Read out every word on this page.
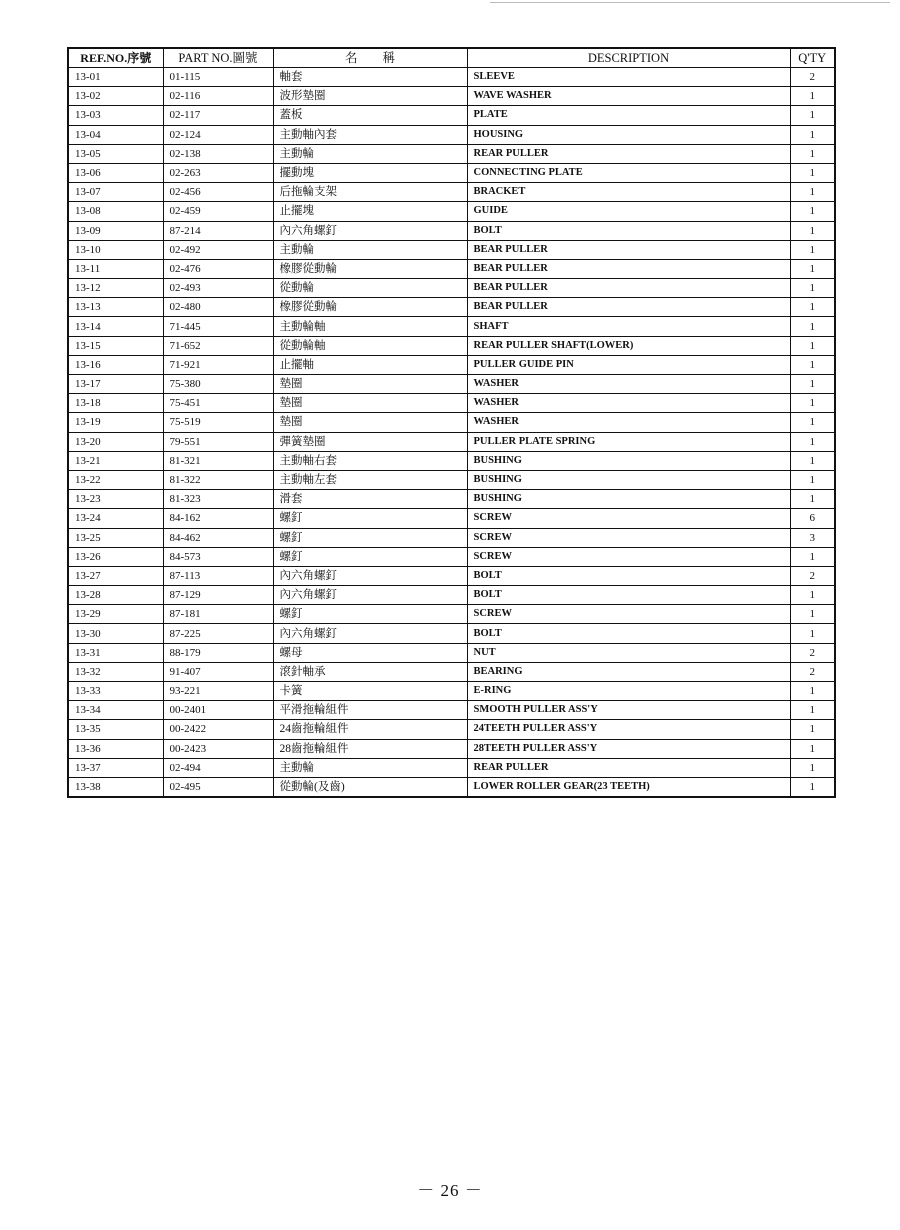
REF.NO.序號	PART NO.圖號	名　　稱	DESCRIPTION	Q'TY
13-01	01-115	軸套	SLEEVE	2
13-02	02-116	波形墊圈	WAVE WASHER	1
13-03	02-117	蓋板	PLATE	1
13-04	02-124	主動軸內套	HOUSING	1
13-05	02-138	主動輪	REAR PULLER	1
13-06	02-263	擺動塊	CONNECTING PLATE	1
13-07	02-456	后拖輪支架	BRACKET	1
13-08	02-459	止擺塊	GUIDE	1
13-09	87-214	內六角螺釘	BOLT	1
13-10	02-492	主動輪	BEAR PULLER	1
13-11	02-476	橡膠從動輪	BEAR PULLER	1
13-12	02-493	從動輪	BEAR PULLER	1
13-13	02-480	橡膠從動輪	BEAR PULLER	1
13-14	71-445	主動輪軸	SHAFT	1
13-15	71-652	從動輪軸	REAR PULLER SHAFT(LOWER)	1
13-16	71-921	止擺軸	PULLER GUIDE PIN	1
13-17	75-380	墊圈	WASHER	1
13-18	75-451	墊圈	WASHER	1
13-19	75-519	墊圈	WASHER	1
13-20	79-551	彈簧墊圈	PULLER PLATE SPRING	1
13-21	81-321	主動軸右套	BUSHING	1
13-22	81-322	主動軸左套	BUSHING	1
13-23	81-323	滑套	BUSHING	1
13-24	84-162	螺釘	SCREW	6
13-25	84-462	螺釘	SCREW	3
13-26	84-573	螺釘	SCREW	1
13-27	87-113	內六角螺釘	BOLT	2
13-28	87-129	內六角螺釘	BOLT	1
13-29	87-181	螺釘	SCREW	1
13-30	87-225	內六角螺釘	BOLT	1
13-31	88-179	螺母	NUT	2
13-32	91-407	滾針軸承	BEARING	2
13-33	93-221	卡簧	E-RING	1
13-34	00-2401	平滑拖輪組件	SMOOTH PULLER ASS'Y	1
13-35	00-2422	24齒拖輪組件	24TEETH PULLER ASS'Y	1
13-36	00-2423	28齒拖輪組件	28TEETH PULLER ASS'Y	1
13-37	02-494	主動輪	REAR PULLER	1
13-38	02-495	從動輪(及齒)	LOWER ROLLER GEAR(23 TEETH)	1
－ 26 －
